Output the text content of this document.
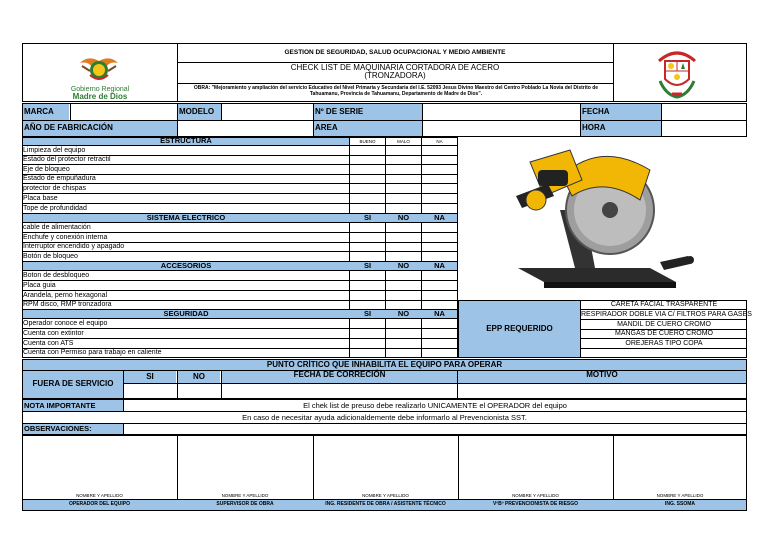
Gobierno Regional
Madre de Dios
GESTION DE SEGURIDAD, SALUD OCUPACIONAL Y MEDIO AMBIENTE
CHECK LIST DE MAQUINARIA CORTADORA DE ACERO
(TRONZADORA)
OBRA: "Mejoramiento y ampliación del servicio Educativo del Nivel Primaria y Secundaria del I.E. 52093 Jesus Divino Maestro del Centro Poblado La Novia del Distrito de Tahuamanu, Provincia de Tahuamanu, Departamento de Madre de Dios".
MARCA	MODELO	Nº DE SERIE	FECHA
AÑO DE FABRICACIÓN	AREA	HORA
ESTRUCTURA	BUENO	MALO	NA
Limpieza del equipo
Estado del protector retractil
Eje de bloqueo
Estado de empuñadura
protector de chispas
Placa base
Tope de profundidad
SISTEMA ELECTRICO	SI	NO	NA
cable de alimentación
Enchufe y conexión interna
Interruptor encendido y apagado
Botón de bloqueo
ACCESORIOS	SI	NO	NA
Boton de desbloqueo
Placa guia
Arandela, perno hexagonal
RPM disco, RMP tronzadora
SEGURIDAD	SI	NO	NA
Operador conoce el equipo
Cuenta con extintor
Cuenta con ATS
Cuenta con Permiso para trabajo en caliente
EPP REQUERIDO
CARETA FACIAL TRASPARENTE
RESPIRADOR DOBLE VIA C/ FILTROS PARA GASES
MANDIL DE CUERO CROMO
MANGAS DE CUERO CROMO
OREJERAS TIPO COPA
PUNTO CRÍTICO QUE INHABILITA EL EQUIPO PARA OPERAR
FUERA DE SERVICIO
SI	NO	FECHA DE CORRECIÓN	MOTIVO
NOTA IMPORTANTE	El chek list de preuso debe realizarlo UNICAMENTE el OPERADOR del equipo
En caso de necesitar ayuda adicionaldemente debe informarlo al Prevencionista SST.
OBSERVACIONES:
NOMBRE Y APELLIDO
OPERADOR DEL EQUIPO
NOMBRE Y APELLIDO
SUPERVISOR DE OBRA
NOMBRE Y APELLIDO
ING. RESIDENTE DE OBRA / ASISTENTE TÉCNICO
NOMBRE Y APELLIDO
VºBº PREVENCIONISTA DE RIESGO
NOMBRE Y APELLIDO
ING. SSOMA
